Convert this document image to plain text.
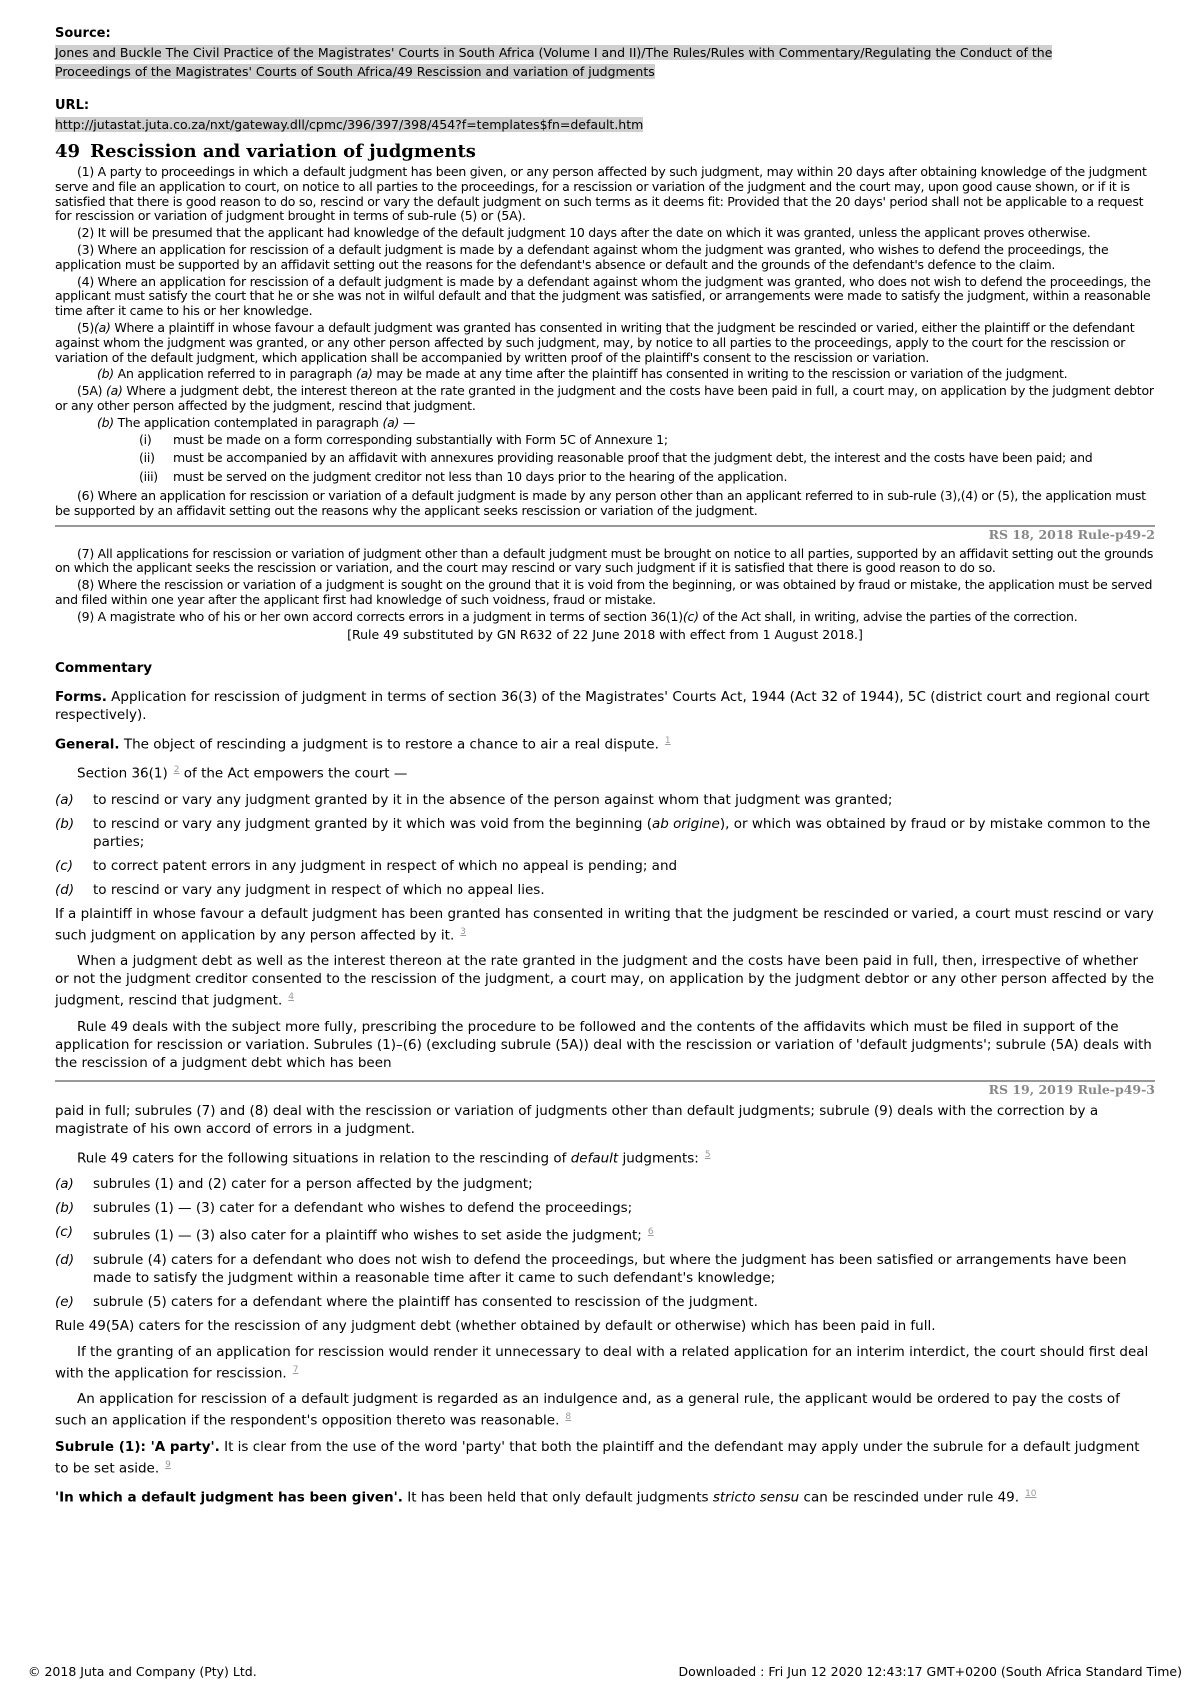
Source:
Jones and Buckle The Civil Practice of the Magistrates' Courts in South Africa (Volume I and II)/The Rules/Rules with Commentary/Regulating the Conduct of the Proceedings of the Magistrates' Courts of South Africa/49 Rescission and variation of judgments
URL:
http://jutastat.juta.co.za/nxt/gateway.dll/cpmc/396/397/398/454?f=templates$fn=default.htm
49 Rescission and variation of judgments

(1) A party to proceedings in which a default judgment has been given, or any person affected by such judgment, may within 20 days after obtaining knowledge of the judgment serve and file an application to court, on notice to all parties to the proceedings, for a rescission or variation of the judgment and the court may, upon good cause shown, or if it is satisfied that there is good reason to do so, rescind or vary the default judgment on such terms as it deems fit: Provided that the 20 days' period shall not be applicable to a request for rescission or variation of judgment brought in terms of sub-rule (5) or (5A).

(2) It will be presumed that the applicant had knowledge of the default judgment 10 days after the date on which it was granted, unless the applicant proves otherwise.

(3) Where an application for rescission of a default judgment is made by a defendant against whom the judgment was granted, who wishes to defend the proceedings, the application must be supported by an affidavit setting out the reasons for the defendant's absence or default and the grounds of the defendant's defence to the claim.

(4) Where an application for rescission of a default judgment is made by a defendant against whom the judgment was granted, who does not wish to defend the proceedings, the applicant must satisfy the court that he or she was not in wilful default and that the judgment was satisfied, or arrangements were made to satisfy the judgment, within a reasonable time after it came to his or her knowledge.

(5)(a) Where a plaintiff in whose favour a default judgment was granted has consented in writing that the judgment be rescinded or varied, either the plaintiff or the defendant against whom the judgment was granted, or any other person affected by such judgment, may, by notice to all parties to the proceedings, apply to the court for the rescission or variation of the default judgment, which application shall be accompanied by written proof of the plaintiff's consent to the rescission or variation.

(b) An application referred to in paragraph (a) may be made at any time after the plaintiff has consented in writing to the rescission or variation of the judgment.

(5A) (a) Where a judgment debt, the interest thereon at the rate granted in the judgment and the costs have been paid in full, a court may, on application by the judgment debtor or any other person affected by the judgment, rescind that judgment.

(b) The application contemplated in paragraph (a) —

(i)	must be made on a form corresponding substantially with Form 5C of Annexure 1;
(ii)	must be accompanied by an affidavit with annexures providing reasonable proof that the judgment debt, the interest and the costs have been paid; and
(iii)	must be served on the judgment creditor not less than 10 days prior to the hearing of the application.

(6) Where an application for rescission or variation of a default judgment is made by any person other than an applicant referred to in sub-rule (3),(4) or (5), the application must be supported by an affidavit setting out the reasons why the applicant seeks rescission or variation of the judgment.

RS 18, 2018 Rule-p49-2

(7) All applications for rescission or variation of judgment other than a default judgment must be brought on notice to all parties, supported by an affidavit setting out the grounds on which the applicant seeks the rescission or variation, and the court may rescind or vary such judgment if it is satisfied that there is good reason to do so.

(8) Where the rescission or variation of a judgment is sought on the ground that it is void from the beginning, or was obtained by fraud or mistake, the application must be served and filed within one year after the applicant first had knowledge of such voidness, fraud or mistake.

(9) A magistrate who of his or her own accord corrects errors in a judgment in terms of section 36(1)(c) of the Act shall, in writing, advise the parties of the correction.

[Rule 49 substituted by GN R632 of 22 June 2018 with effect from 1 August 2018.]
Commentary

Forms. Application for rescission of judgment in terms of section 36(3) of the Magistrates' Courts Act, 1944 (Act 32 of 1944), 5C (district court and regional court respectively).

General. The object of rescinding a judgment is to restore a chance to air a real dispute. $^1$

Section 36(1) $^2$ of the Act empowers the court —

(a)	to rescind or vary any judgment granted by it in the absence of the person against whom that judgment was granted;
(b)	to rescind or vary any judgment granted by it which was void from the beginning (ab origine), or which was obtained by fraud or by mistake common to the parties;
(c)	to correct patent errors in any judgment in respect of which no appeal is pending; and
(d)	to rescind or vary any judgment in respect of which no appeal lies.

If a plaintiff in whose favour a default judgment has been granted has consented in writing that the judgment be rescinded or varied, a court must rescind or vary such judgment on application by any person affected by it. $^3$

When a judgment debt as well as the interest thereon at the rate granted in the judgment and the costs have been paid in full, then, irrespective of whether or not the judgment creditor consented to the rescission of the judgment, a court may, on application by the judgment debtor or any other person affected by the judgment, rescind that judgment. $^4$

Rule 49 deals with the subject more fully, prescribing the procedure to be followed and the contents of the affidavits which must be filed in support of the application for rescission or variation. Subrules (1)–(6) (excluding subrule (5A)) deal with the rescission or variation of 'default judgments'; subrule (5A) deals with the rescission of a judgment debt which has been

RS 19, 2019 Rule-p49-3

paid in full; subrules (7) and (8) deal with the rescission or variation of judgments other than default judgments; subrule (9) deals with the correction by a magistrate of his own accord of errors in a judgment.

Rule 49 caters for the following situations in relation to the rescinding of default judgments: $^5$

(a)	subrules (1) and (2) cater for a person affected by the judgment;
(b)	subrules (1) — (3) cater for a defendant who wishes to defend the proceedings;
(c)	subrules (1) — (3) also cater for a plaintiff who wishes to set aside the judgment; $^6$
(d)	subrule (4) caters for a defendant who does not wish to defend the proceedings, but where the judgment has been satisfied or arrangements have been made to satisfy the judgment within a reasonable time after it came to such defendant's knowledge;
(e)	subrule (5) caters for a defendant where the plaintiff has consented to rescission of the judgment.

Rule 49(5A) caters for the rescission of any judgment debt (whether obtained by default or otherwise) which has been paid in full.

If the granting of an application for rescission would render it unnecessary to deal with a related application for an interim interdict, the court should first deal with the application for rescission. $^7$

An application for rescission of a default judgment is regarded as an indulgence and, as a general rule, the applicant would be ordered to pay the costs of such an application if the respondent's opposition thereto was reasonable. $^8$

Subrule (1): 'A party'. It is clear from the use of the word 'party' that both the plaintiff and the defendant may apply under the subrule for a default judgment to be set aside. $^9$

'In which a default judgment has been given'. It has been held that only default judgments stricto sensu can be rescinded under rule 49. $^{10}$

© 2018 Juta and Company (Pty) Ltd.	Downloaded : Fri Jun 12 2020 12:43:17 GMT+0200 (South Africa Standard Time)
